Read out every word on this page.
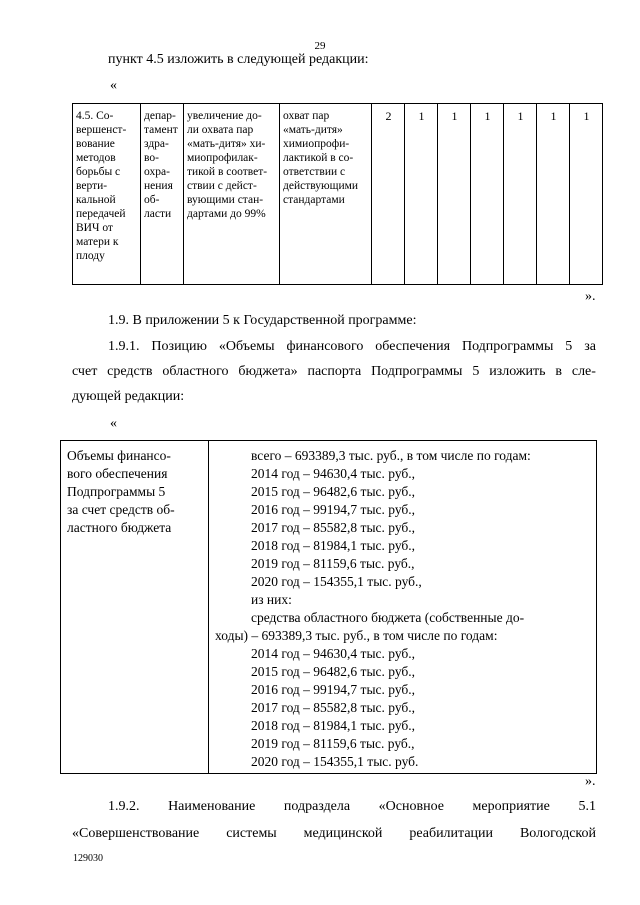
29
пункт 4.5 изложить в следующей редакции:
«
4.5. Со-
вершенст-
вование
методов
борьбы с
верти-
кальной
передачей
ВИЧ от
матери к
плоду

депар-
тамент
здра-
во-
охра-
нения
об-
ласти

увеличение до-
ли охвата пар
«мать-дитя» хи-
миопрофилак-
тикой в соответ-
ствии с дейст-
вующими стан-
дартами до 99%

охват пар
«мать-дитя»
химиопрофи-
лактикой в со-
ответствии с
действующими
стандартами
	2	1	1	1	1	1	1
».
1.9. В приложении 5 к Государственной программе:
1.9.1. Позицию «Объемы финансового обеспечения Подпрограммы 5 за
счет средств областного бюджета» паспорта Подпрограммы 5 изложить в сле-
дующей редакции:
«
Объемы финансо-
вого обеспечения
Подпрограммы 5
за счет средств об-
ластного бюджета

всего – 693389,3 тыс. руб., в том числе по годам:
2014 год – 94630,4 тыс. руб.,
2015 год – 96482,6 тыс. руб.,
2016 год – 99194,7 тыс. руб.,
2017 год – 85582,8 тыс. руб.,
2018 год – 81984,1 тыс. руб.,
2019 год – 81159,6 тыс. руб.,
2020 год – 154355,1 тыс. руб.,
из них:
средства областного бюджета (собственные до-
ходы) – 693389,3 тыс. руб., в том числе по годам:
2014 год – 94630,4 тыс. руб.,
2015 год – 96482,6 тыс. руб.,
2016 год – 99194,7 тыс. руб.,
2017 год – 85582,8 тыс. руб.,
2018 год – 81984,1 тыс. руб.,
2019 год – 81159,6 тыс. руб.,
2020 год – 154355,1 тыс. руб.
».
1.9.2. Наименование подраздела «Основное мероприятие 5.1
«Совершенствование системы медицинской реабилитации Вологодской
129030
